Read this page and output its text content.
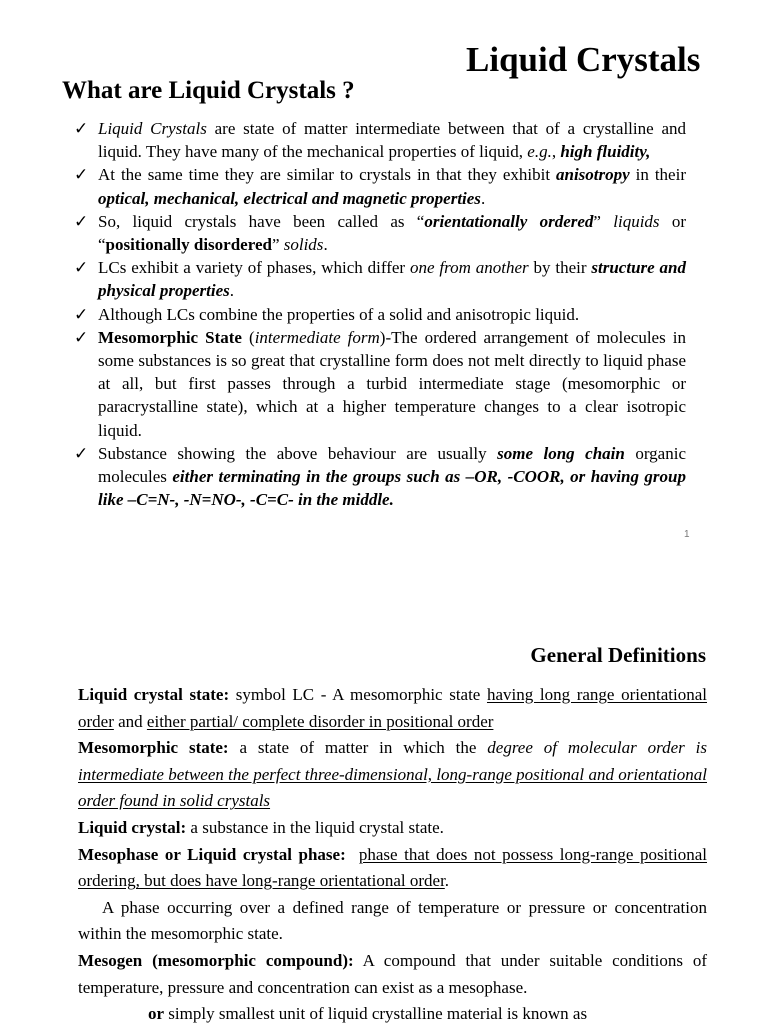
Liquid Crystals
What are Liquid Crystals ?
✓ Liquid Crystals are state of matter intermediate between that of a crystalline and liquid. They have many of the mechanical properties of liquid, e.g., high fluidity,
✓ At the same time they are similar to crystals in that they exhibit anisotropy in their optical, mechanical, electrical and magnetic properties.
✓ So, liquid crystals have been called as “orientationally ordered” liquids or “positionally disordered” solids.
✓ LCs exhibit a variety of phases, which differ one from another by their structure and physical properties.
✓ Although LCs combine the properties of a solid and anisotropic liquid.
✓ Mesomorphic State (intermediate form)-The ordered arrangement of molecules in some substances is so great that crystalline form does not melt directly to liquid phase at all, but first passes through a turbid intermediate stage (mesomorphic or paracrystalline state), which at a higher temperature changes to a clear isotropic liquid.
✓ Substance showing the above behaviour are usually some long chain organic molecules either terminating in the groups such as –OR, -COOR, or having group like –C=N-, -N=NO-, -C=C- in the middle.
1
General Definitions

Liquid crystal state: symbol LC - A mesomorphic state having long range orientational order and either partial/ complete disorder in positional order

Mesomorphic state: a state of matter in which the degree of molecular order is intermediate between the perfect three-dimensional, long-range positional and orientational order found in solid crystals

Liquid crystal: a substance in the liquid crystal state.

Mesophase or Liquid crystal phase: phase that does not possess long-range positional ordering, but does have long-range orientational order.

A phase occurring over a defined range of temperature or pressure or concentration within the mesomorphic state.

Mesogen (mesomorphic compound): A compound that under suitable conditions of temperature, pressure and concentration can exist as a mesophase.

or simply smallest unit of liquid crystalline material is known as
